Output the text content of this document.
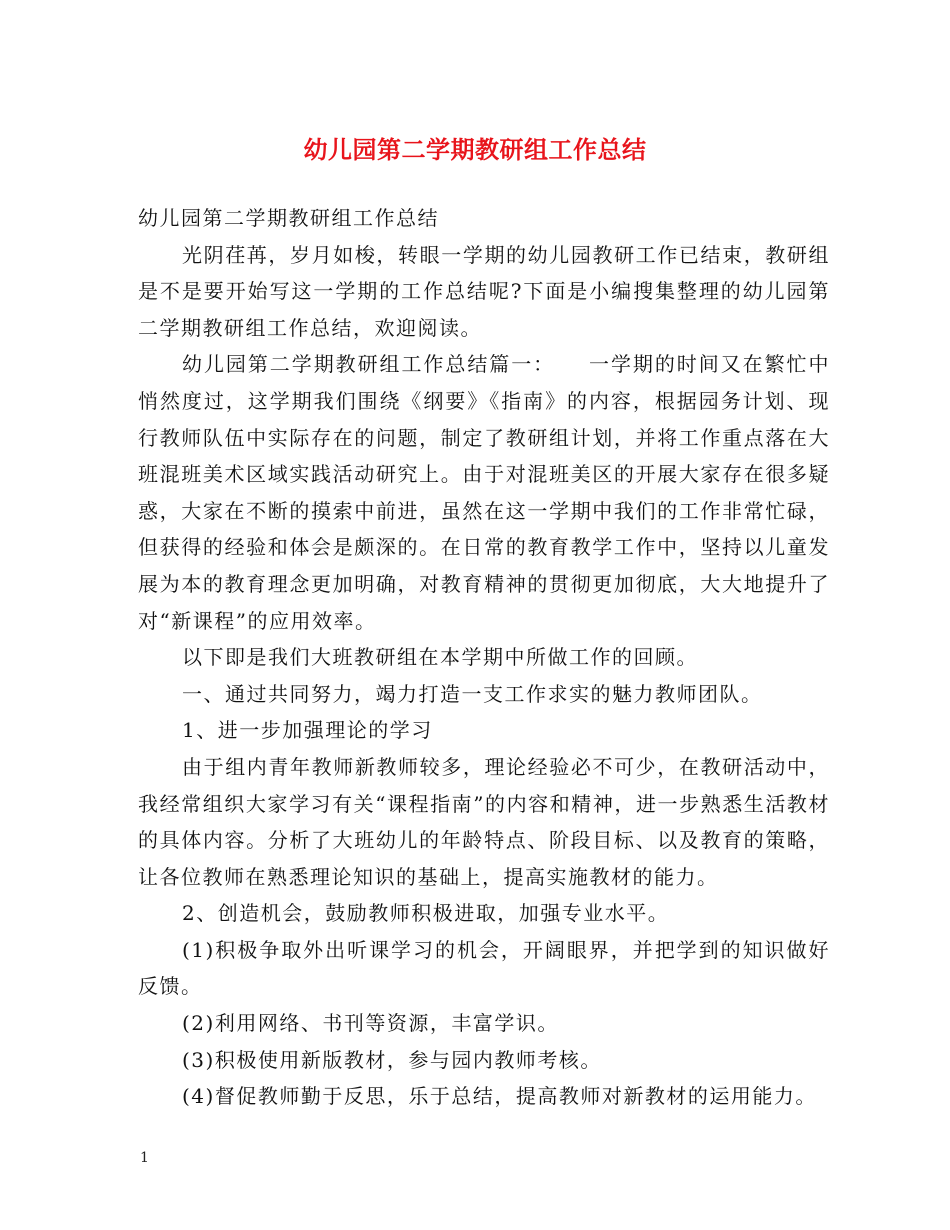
幼儿园第二学期教研组工作总结

幼儿园第二学期教研组工作总结

光阴荏苒，岁月如梭，转眼一学期的幼儿园教研工作已结束，教研组是不是要开始写这一学期的工作总结呢?下面是小编搜集整理的幼儿园第二学期教研组工作总结，欢迎阅读。

幼儿园第二学期教研组工作总结篇一：　　一学期的时间又在繁忙中悄然度过，这学期我们围绕《纲要》《指南》的内容，根据园务计划、现行教师队伍中实际存在的问题，制定了教研组计划，并将工作重点落在大班混班美术区域实践活动研究上。由于对混班美区的开展大家存在很多疑惑，大家在不断的摸索中前进，虽然在这一学期中我们的工作非常忙碌，但获得的经验和体会是颇深的。在日常的教育教学工作中，坚持以儿童发展为本的教育理念更加明确，对教育精神的贯彻更加彻底，大大地提升了对“新课程”的应用效率。

以下即是我们大班教研组在本学期中所做工作的回顾。

一、通过共同努力，竭力打造一支工作求实的魅力教师团队。

1、进一步加强理论的学习

由于组内青年教师新教师较多，理论经验必不可少，在教研活动中，我经常组织大家学习有关“课程指南”的内容和精神，进一步熟悉生活教材的具体内容。分析了大班幼儿的年龄特点、阶段目标、以及教育的策略，让各位教师在熟悉理论知识的基础上，提高实施教材的能力。

2、创造机会，鼓励教师积极进取，加强专业水平。

(1)积极争取外出听课学习的机会，开阔眼界，并把学到的知识做好反馈。

(2)利用网络、书刊等资源，丰富学识。

(3)积极使用新版教材，参与园内教师考核。

(4)督促教师勤于反思，乐于总结，提高教师对新教材的运用能力。

1
